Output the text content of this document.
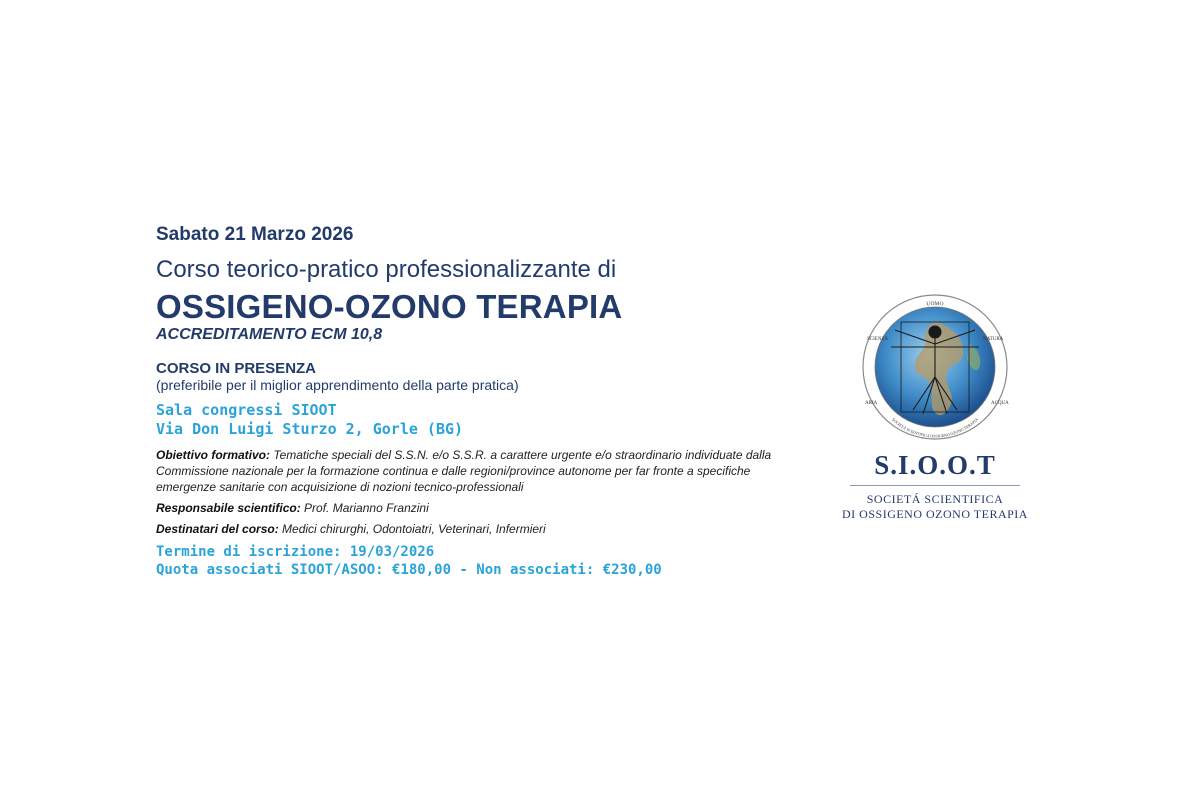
Sabato 21 Marzo 2026

Corso teorico-pratico professionalizzante di

OSSIGENO-OZONO TERAPIA

ACCREDITAMENTO ECM 10,8

CORSO IN PRESENZA

(preferibile per il miglior apprendimento della parte pratica)

Sala congressi SIOOT

Via Don Luigi Sturzo 2, Gorle (BG)

Obiettivo formativo: Tematiche speciali del S.S.N. e/o S.S.R. a carattere urgente e/o straordinario individuate dalla Commissione nazionale per la formazione continua e dalle regioni/province autonome per far fronte a specifiche emergenze sanitarie con acquisizione di nozioni tecnico-professionali

Responsabile scientifico: Prof. Marianno Franzini

Destinatari del corso: Medici chirurghi, Odontoiatri, Veterinari, Infermieri

Termine di iscrizione: 19/03/2026

Quota associati SIOOT/ASOO: €180,00 - Non associati: €230,00

UOMO
SCIENZA	NATURA
ARIA	ACQUA
SOCIETÁ SCIENTIFICA OSSIGENO OZONO TERAPIA

S.I.O.O.T

SOCIETÁ SCIENTIFICA

DI OSSIGENO OZONO TERAPIA
